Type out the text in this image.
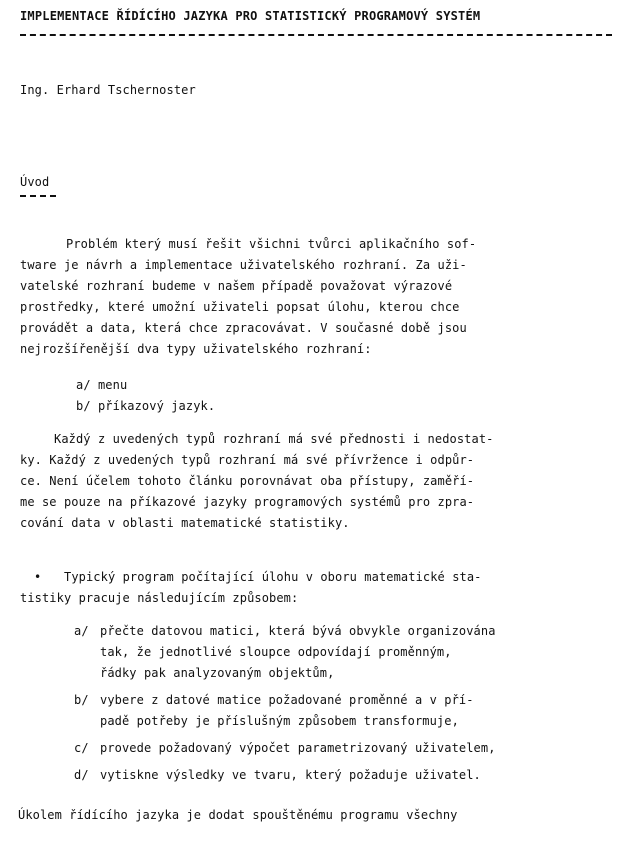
IMPLEMENTACE ŘÍDÍCÍHO JAZYKA PRO STATISTICKÝ PROGRAMOVÝ SYSTÉM
Ing. Erhard Tschernoster
Úvod
Problém který musí řešit všichni tvůrci aplikačního sof-
tware je návrh a implementace uživatelského rozhraní. Za uži-
vatelské rozhraní budeme v našem případě považovat výrazové
prostředky, které umožní uživateli popsat úlohu, kterou chce
provádět a data, která chce zpracovávat. V současné době jsou
nejrozšířenější dva typy uživatelského rozhraní:
a/ menu
b/ příkazový jazyk.
Každý z uvedených typů rozhraní má své přednosti i nedostat-
ky. Každý z uvedených typů rozhraní má své přívržence i odpůr-
ce. Není účelem tohoto článku porovnávat oba přístupy, zaměří-
me se pouze na příkazové jazyky programových systémů pro zpra-
cování data v oblasti matematické statistiky.
• Typický program počítající úlohu v oboru matematické sta-
tistiky pracuje následujícím způsobem:
a/ přečte datovou matici, která bývá obvykle organizována
tak, že jednotlivé sloupce odpovídají proměnným,
řádky pak analyzovaným objektům,
b/ vybere z datové matice požadované proměnné a v pří-
padě potřeby je příslušným způsobem transformuje,
c/ provede požadovaný výpočet parametrizovaný uživatelem,
d/ vytiskne výsledky ve tvaru, který požaduje uživatel.
Úkolem řídícího jazyka je dodat spouštěnému programu všechny
